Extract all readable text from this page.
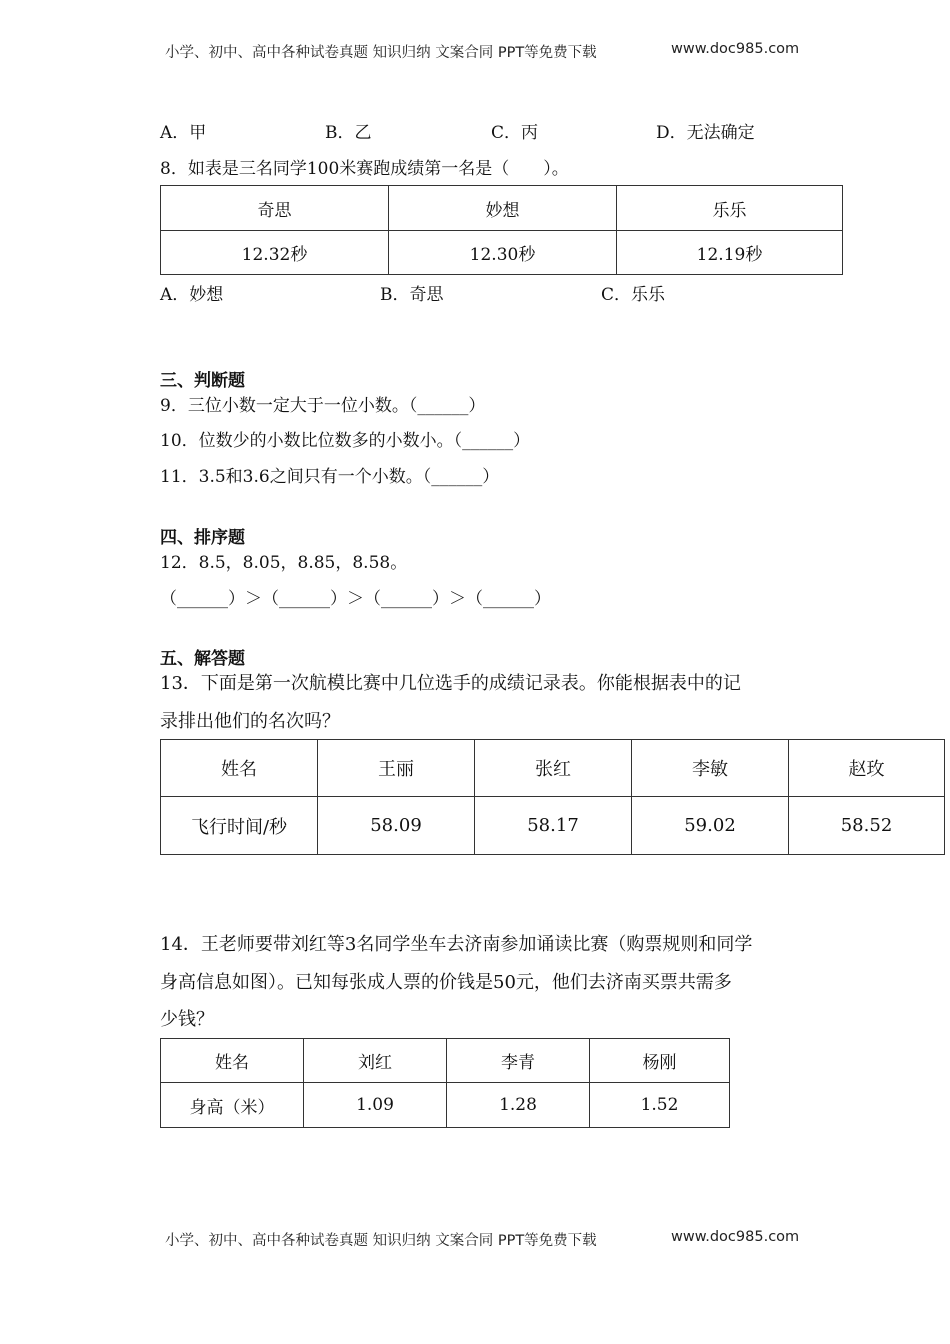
小学、初中、高中各种试卷真题 知识归纳 文案合同 PPT等免费下载	www.doc985.com
A．甲	B．乙	C．丙	D．无法确定
8．如表是三名同学100米赛跑成绩第一名是（　　）。
奇思	妙想	乐乐
12.32秒	12.30秒	12.19秒
A．妙想	B．奇思	C．乐乐
三、判断题
9．三位小数一定大于一位小数。（______）
10．位数少的小数比位数多的小数小。（______）
11．3.5和3.6之间只有一个小数。（______）
四、排序题
12．8.5，8.05，8.85，8.58。
（______）＞（______）＞（______）＞（______）
五、解答题
13．下面是第一次航模比赛中几位选手的成绩记录表。你能根据表中的记
录排出他们的名次吗？
姓名	王丽	张红	李敏	赵玫
飞行时间/秒	58.09	58.17	59.02	58.52
14．王老师要带刘红等3名同学坐车去济南参加诵读比赛（购票规则和同学
身高信息如图）。已知每张成人票的价钱是50元，他们去济南买票共需多
少钱？
姓名	刘红	李青	杨刚
身高（米）	1.09	1.28	1.52
小学、初中、高中各种试卷真题 知识归纳 文案合同 PPT等免费下载	www.doc985.com
